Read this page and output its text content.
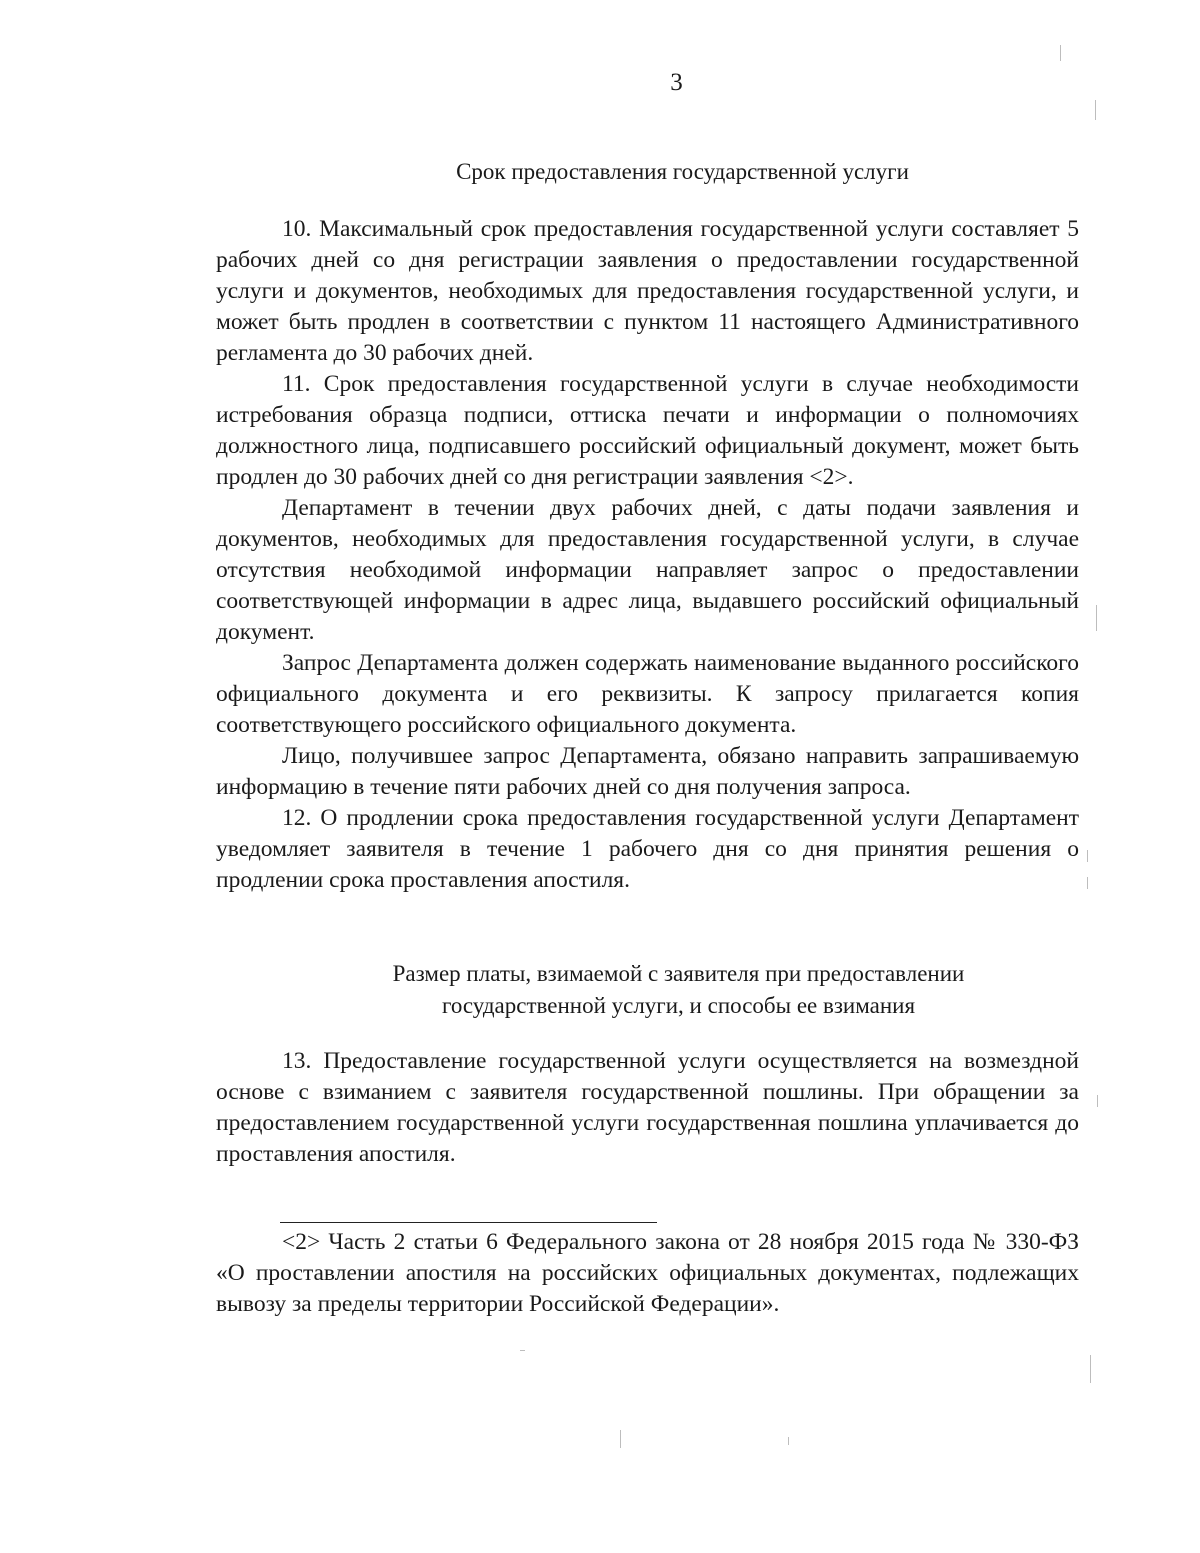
3
Срок предоставления государственной услуги

10. Максимальный срок предоставления государственной услуги составляет 5 рабочих дней со дня регистрации заявления о предоставлении государственной услуги и документов, необходимых для предоставления государственной услуги, и может быть продлен в соответствии с пунктом 11 настоящего Административного регламента до 30 рабочих дней.

11. Срок предоставления государственной услуги в случае необходимости истребования образца подписи, оттиска печати и информации о полномочиях должностного лица, подписавшего российский официальный документ, может быть продлен до 30 рабочих дней со дня регистрации заявления <2>.

Департамент в течении двух рабочих дней, с даты подачи заявления и документов, необходимых для предоставления государственной услуги, в случае отсутствия необходимой информации направляет запрос о предоставлении соответствующей информации в адрес лица, выдавшего российский официальный документ.

Запрос Департамента должен содержать наименование выданного российского официального документа и его реквизиты. К запросу прилагается копия соответствующего российского официального документа.

Лицо, получившее запрос Департамента, обязано направить запрашиваемую информацию в течение пяти рабочих дней со дня получения запроса.

12. О продлении срока предоставления государственной услуги Департамент уведомляет заявителя в течение 1 рабочего дня со дня принятия решения о продлении срока проставления апостиля.

Размер платы, взимаемой с заявителя при предоставлении
государственной услуги, и способы ее взимания

13. Предоставление государственной услуги осуществляется на возмездной основе с взиманием с заявителя государственной пошлины. При обращении за предоставлением государственной услуги государственная пошлина уплачивается до проставления апостиля.

<2> Часть 2 статьи 6 Федерального закона от 28 ноября 2015 года № 330-ФЗ «О проставлении апостиля на российских официальных документах, подлежащих вывозу за пределы территории Российской Федерации».
